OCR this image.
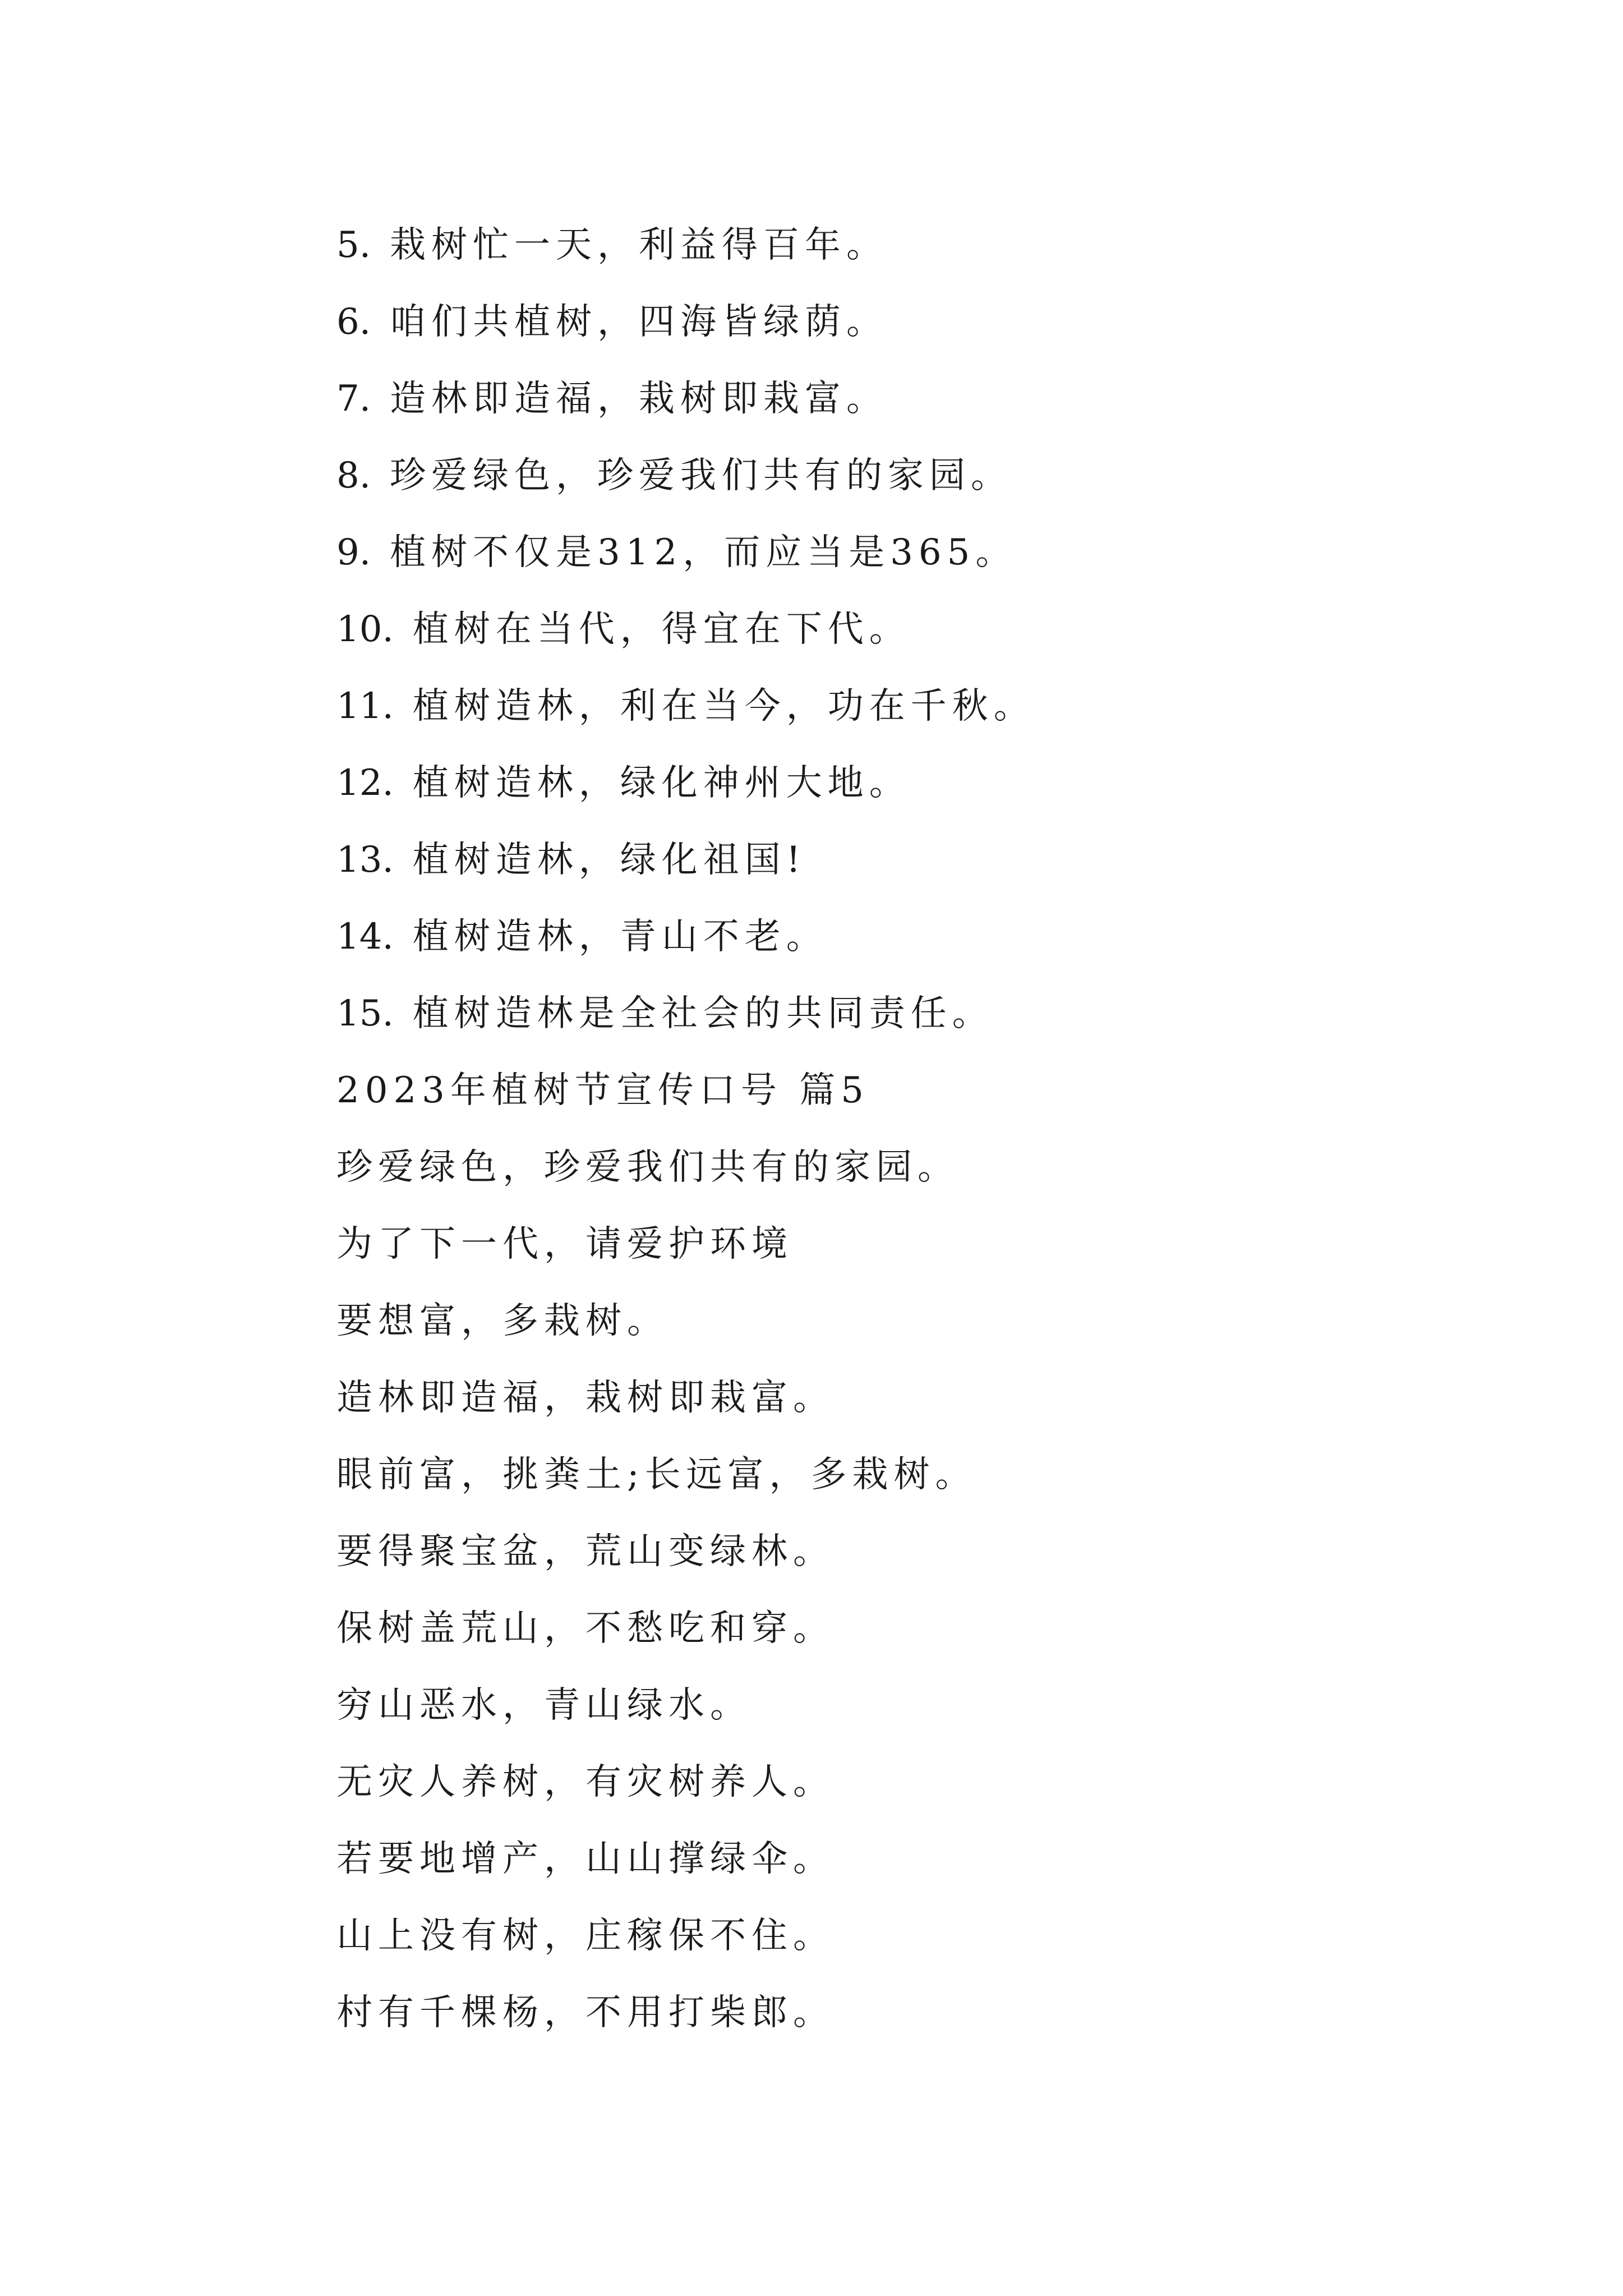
5. 栽树忙一天，利益得百年。
6. 咱们共植树，四海皆绿荫。
7. 造林即造福，栽树即栽富。
8. 珍爱绿色，珍爱我们共有的家园。
9. 植树不仅是312，而应当是365。
10. 植树在当代，得宜在下代。
11. 植树造林，利在当今，功在千秋。
12. 植树造林，绿化神州大地。
13. 植树造林，绿化祖国!
14. 植树造林，青山不老。
15. 植树造林是全社会的共同责任。
2023年植树节宣传口号 篇5
珍爱绿色，珍爱我们共有的家园。
为了下一代，请爱护环境
要想富，多栽树。
造林即造福，栽树即栽富。
眼前富，挑粪土;长远富，多栽树。
要得聚宝盆，荒山变绿林。
保树盖荒山，不愁吃和穿。
穷山恶水，青山绿水。
无灾人养树，有灾树养人。
若要地增产，山山撑绿伞。
山上没有树，庄稼保不住。
村有千棵杨，不用打柴郎。
